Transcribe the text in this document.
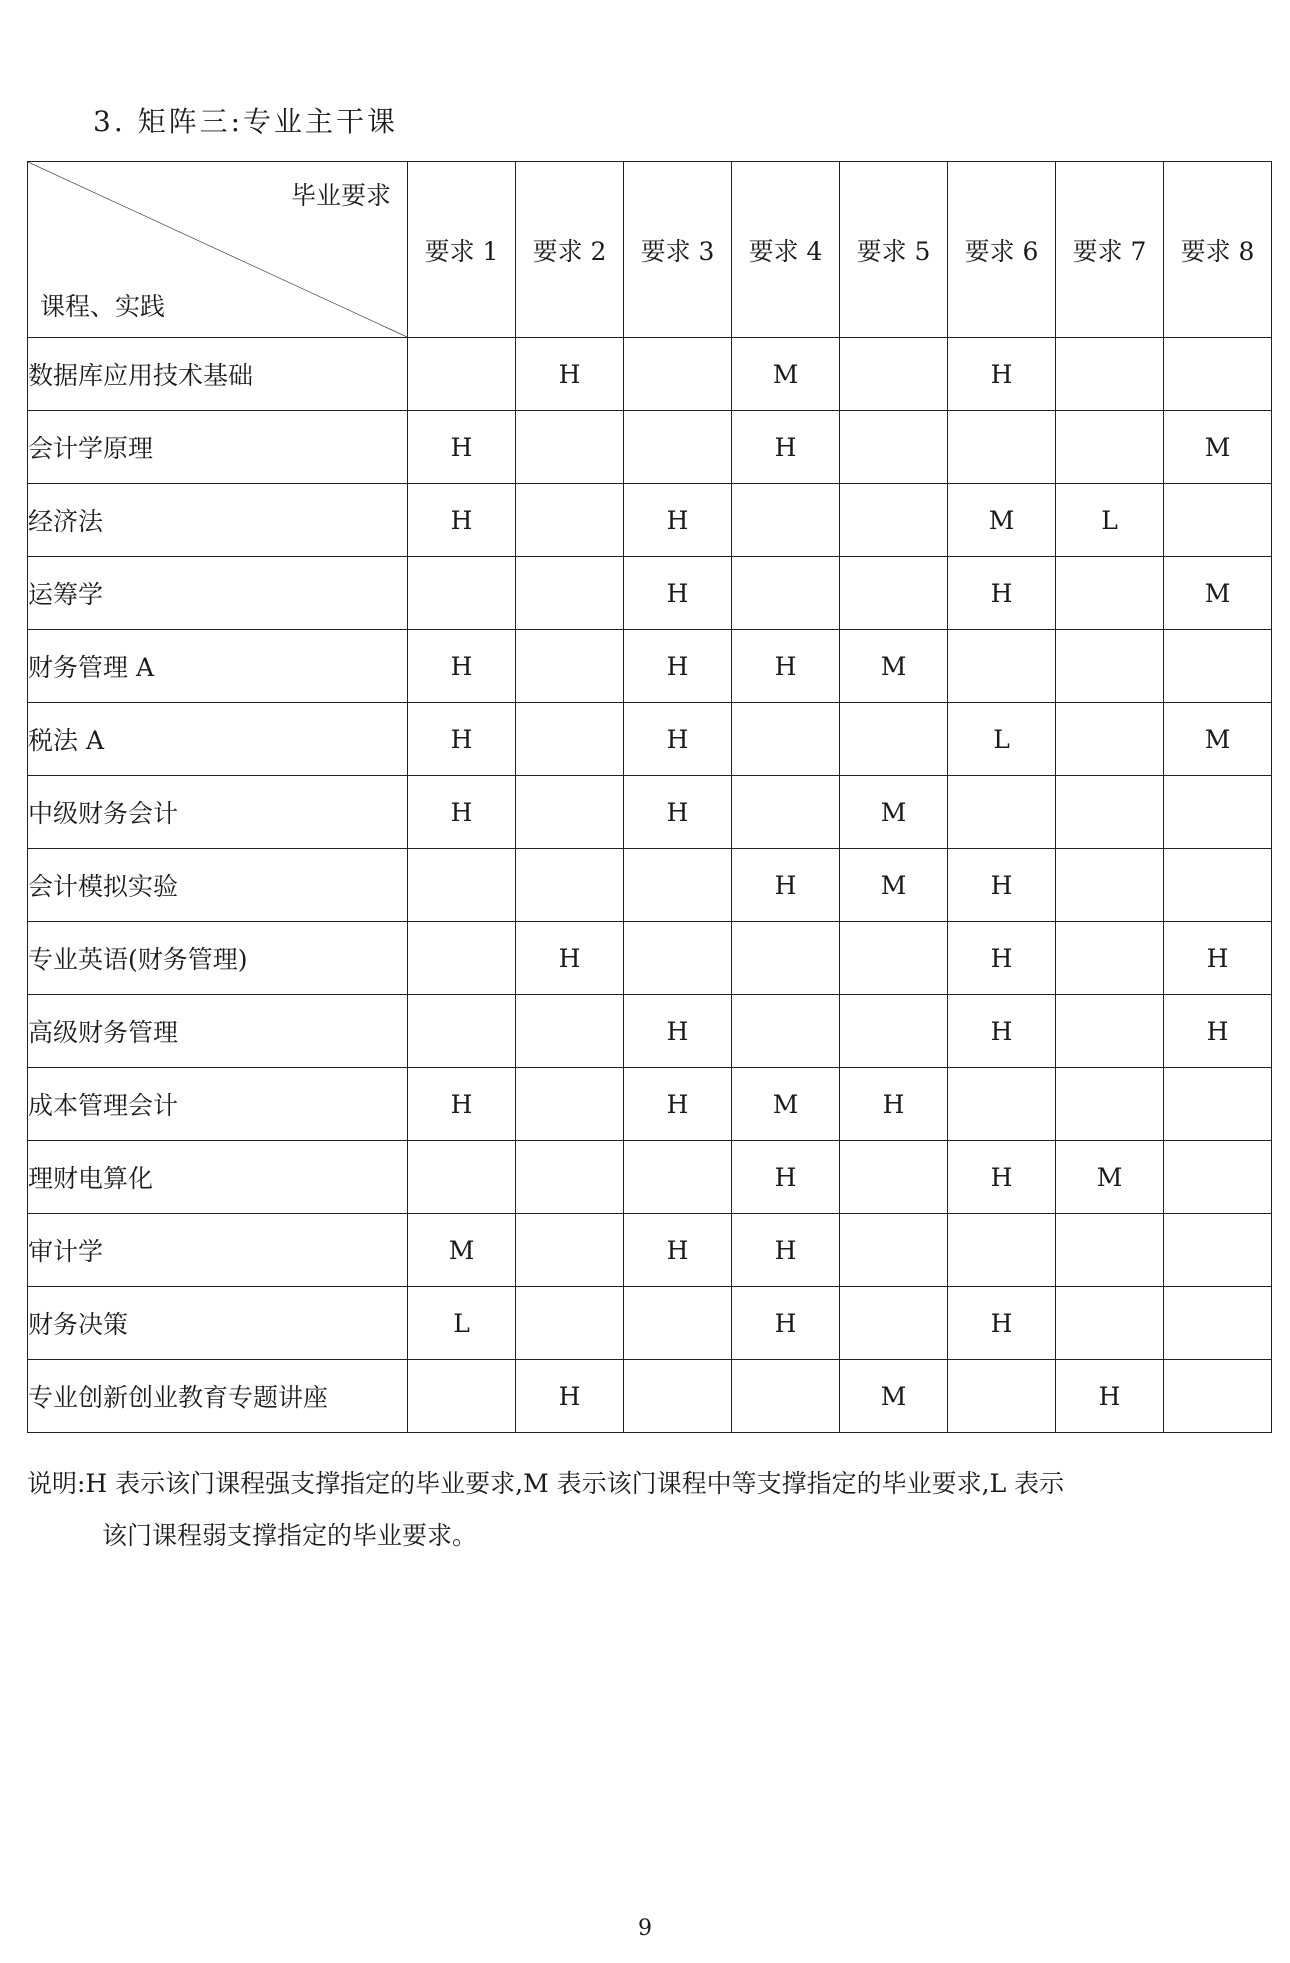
3. 矩阵三:专业主干课
毕业要求
课程、实践	要求 1	要求 2	要求 3	要求 4	要求 5	要求 6	要求 7	要求 8
数据库应用技术基础		H		M		H		
会计学原理	H			H				M
经济法	H		H			M	L	
运筹学			H			H		M
财务管理 A	H		H	H	M			
税法 A	H		H			L		M
中级财务会计	H		H		M			
会计模拟实验				H	M	H		
专业英语(财务管理)		H				H		H
高级财务管理			H			H		H
成本管理会计	H		H	M	H			
理财电算化				H		H	M	
审计学	M		H	H				
财务决策	L			H		H		
专业创新创业教育专题讲座		H			M		H	
说明:H 表示该门课程强支撑指定的毕业要求,M 表示该门课程中等支撑指定的毕业要求,L 表示
该门课程弱支撑指定的毕业要求。
9
